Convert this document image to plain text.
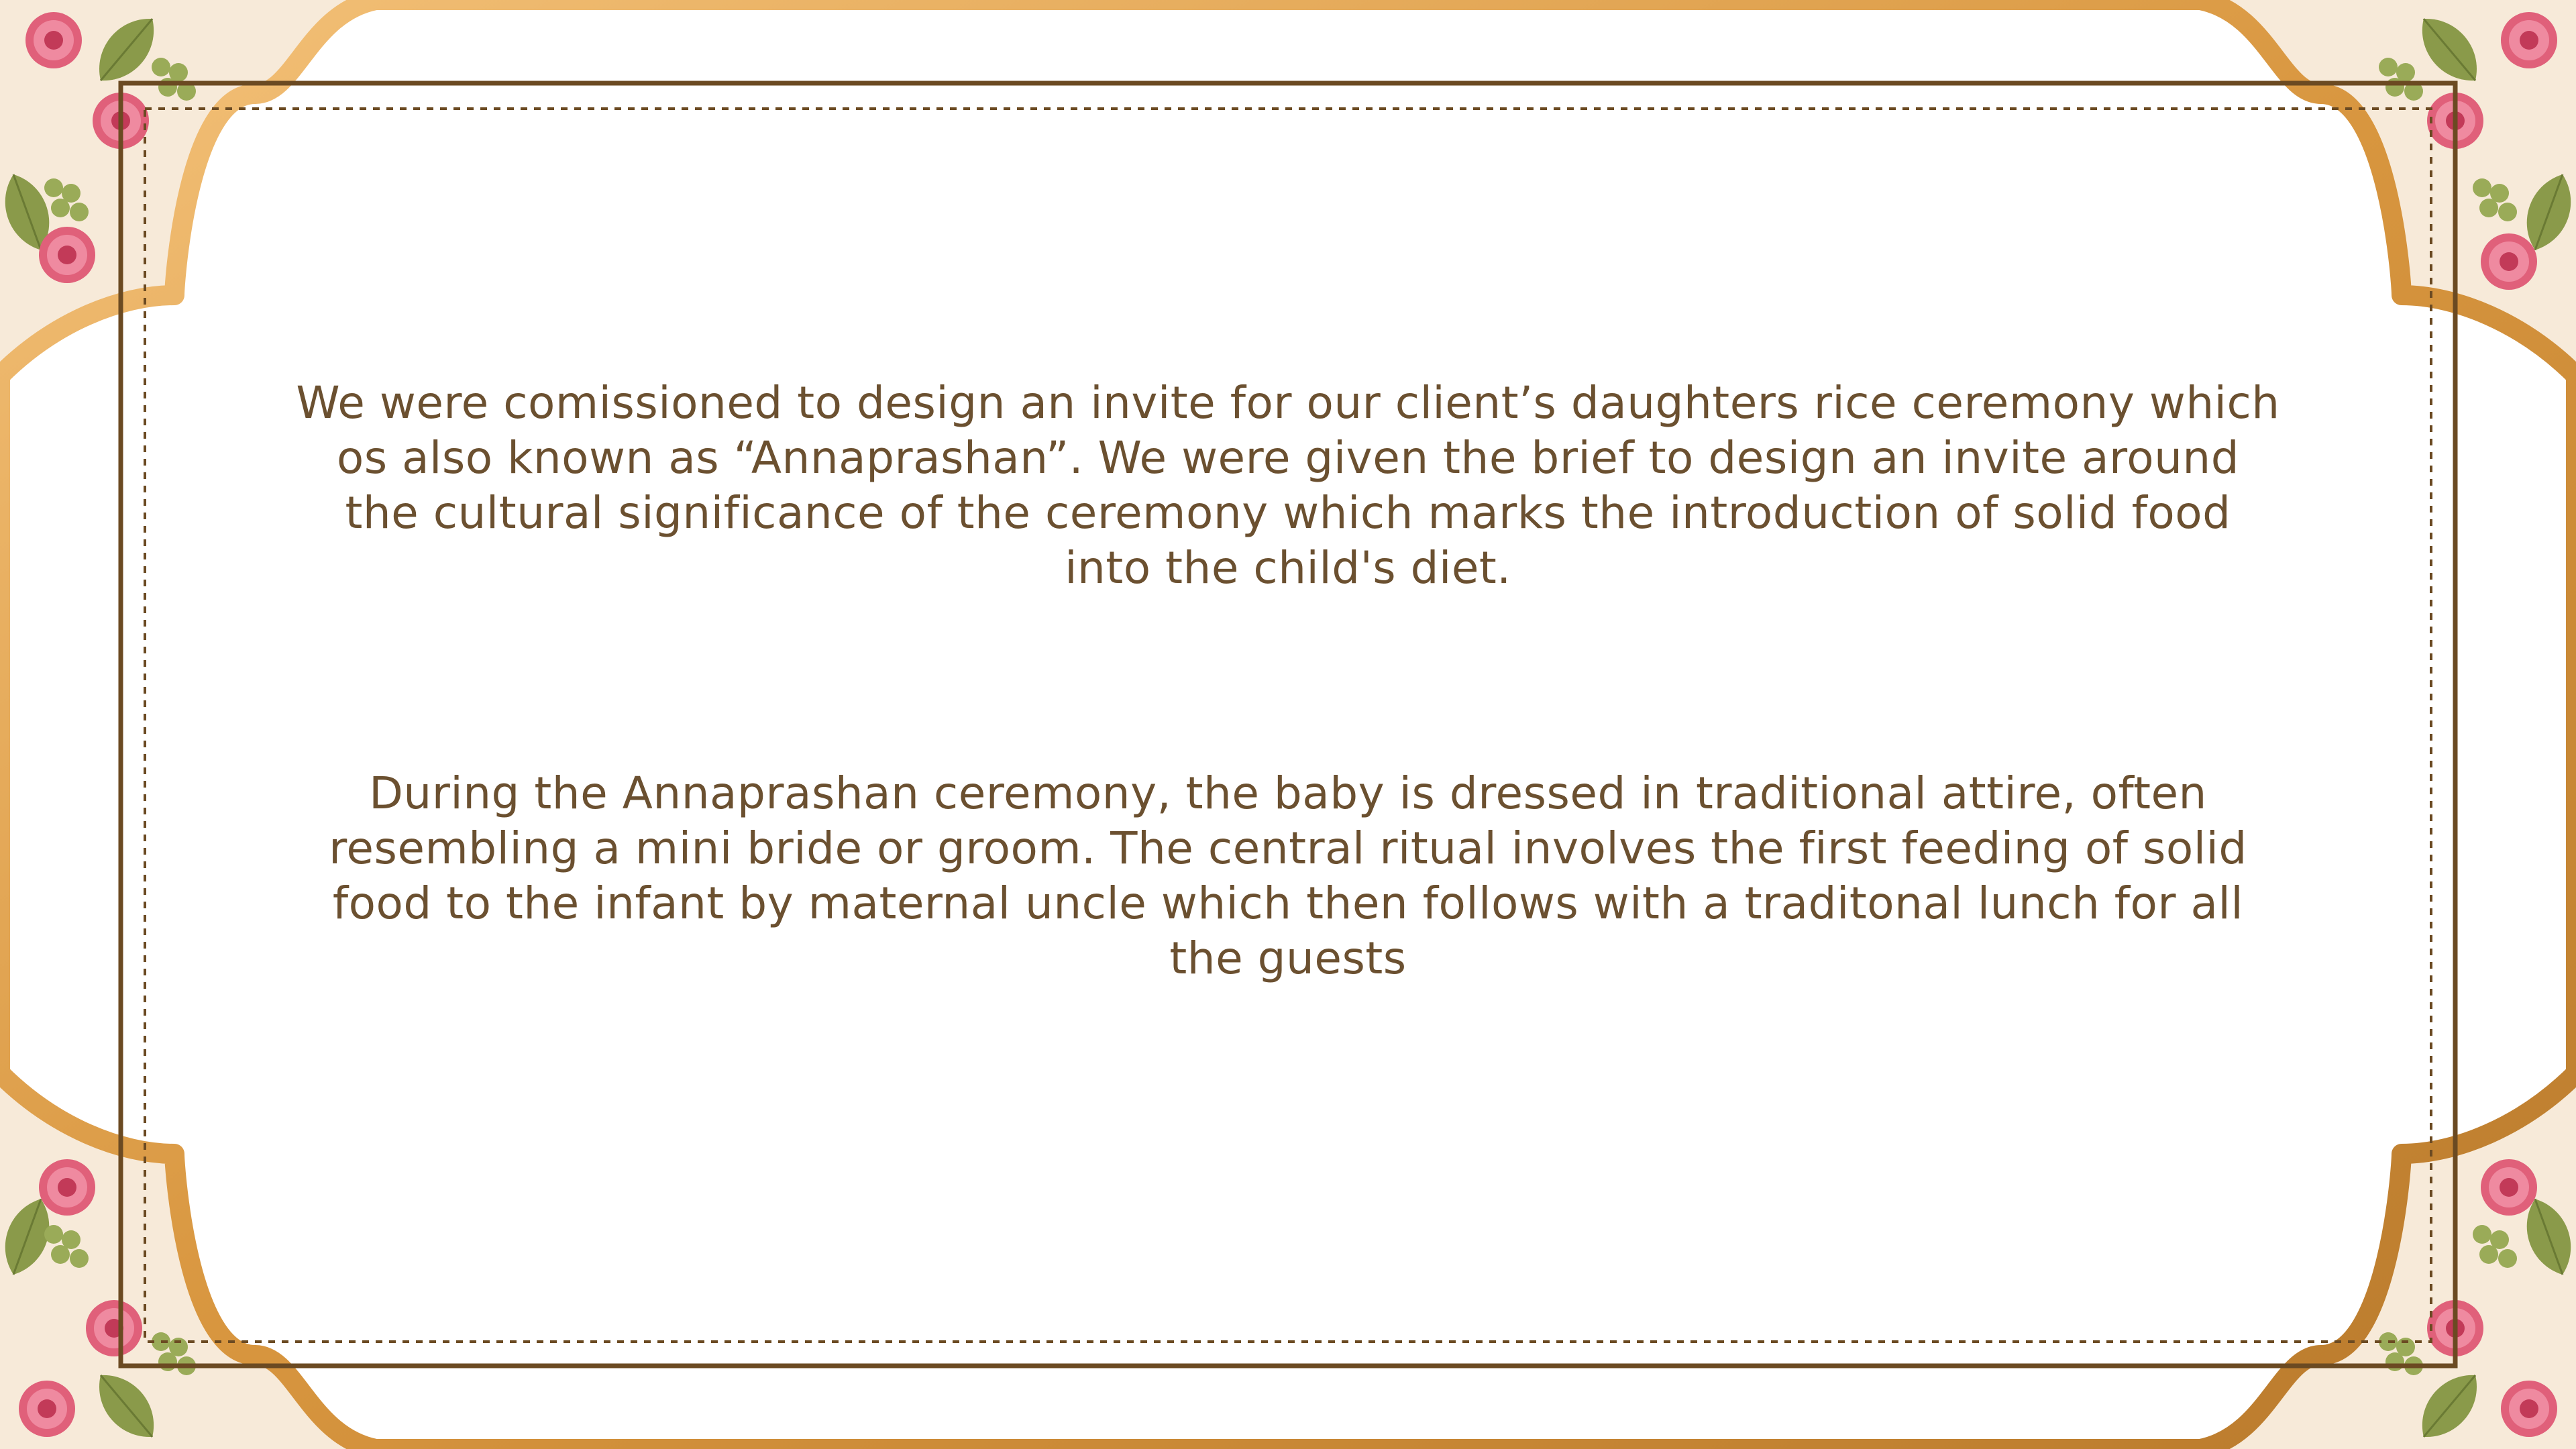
We were comissioned to design an invite for our client’s daughters rice ceremony which os also known as “Annaprashan”. We were given the brief to design an invite around the cultural significance of the ceremony which marks the introduction of solid food into the child's diet.
During the Annaprashan ceremony, the baby is dressed in traditional attire, often resembling a mini bride or groom. The central ritual involves the first feeding of solid food to the infant by maternal uncle which then follows with a traditonal lunch for all the guests
